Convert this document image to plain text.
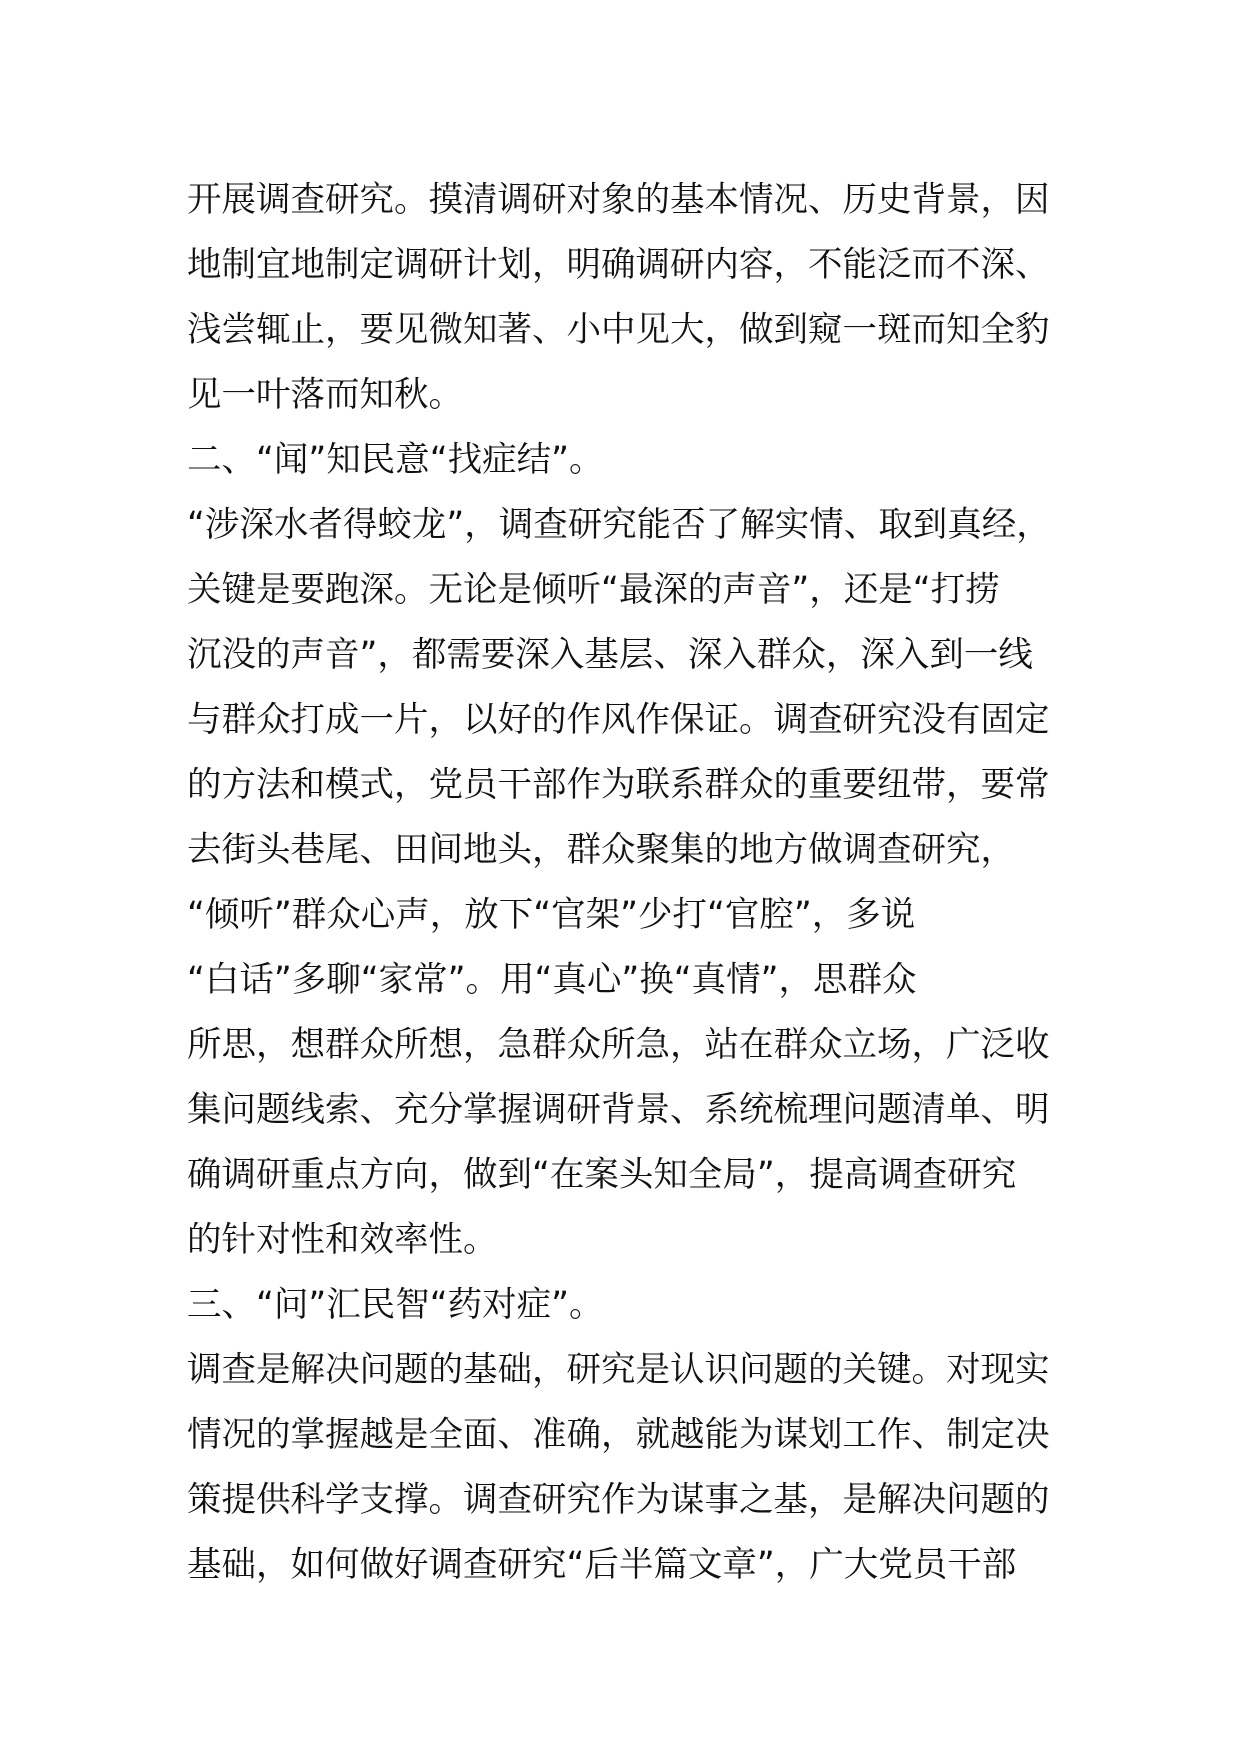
开展调查研究。摸清调研对象的基本情况、历史背景，因
地制宜地制定调研计划，明确调研内容，不能泛而不深、
浅尝辄止，要见微知著、小中见大，做到窥一斑而知全豹
见一叶落而知秋。
二、“闻”知民意“找症结”。
“涉深水者得蛟龙”，调查研究能否了解实情、取到真经，
关键是要跑深。无论是倾听“最深的声音”，还是“打捞
沉没的声音”，都需要深入基层、深入群众，深入到一线
与群众打成一片，以好的作风作保证。调查研究没有固定
的方法和模式，党员干部作为联系群众的重要纽带，要常
去街头巷尾、田间地头，群众聚集的地方做调查研究，
“倾听”群众心声，放下“官架”少打“官腔”，多说
“白话”多聊“家常”。用“真心”换“真情”，思群众
所思，想群众所想，急群众所急，站在群众立场，广泛收
集问题线索、充分掌握调研背景、系统梳理问题清单、明
确调研重点方向，做到“在案头知全局”，提高调查研究
的针对性和效率性。
三、“问”汇民智“药对症”。
调查是解决问题的基础，研究是认识问题的关键。对现实
情况的掌握越是全面、准确，就越能为谋划工作、制定决
策提供科学支撑。调查研究作为谋事之基，是解决问题的
基础，如何做好调查研究“后半篇文章”，广大党员干部
